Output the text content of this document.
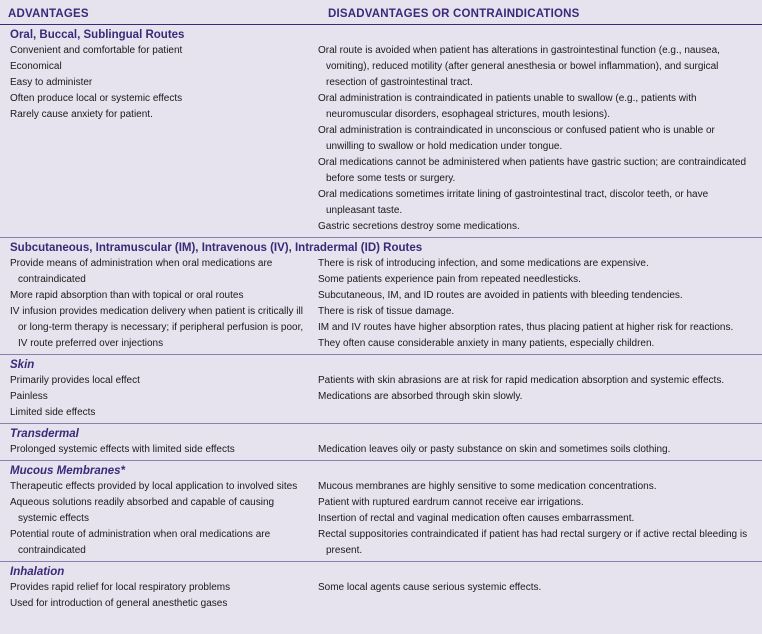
ADVANTAGES	DISADVANTAGES OR CONTRAINDICATIONS
Oral, Buccal, Sublingual Routes
Convenient and comfortable for patient
Economical
Easy to administer
Often produce local or systemic effects
Rarely cause anxiety for patient.
Oral route is avoided when patient has alterations in gastrointestinal function (e.g., nausea, vomiting), reduced motility (after general anesthesia or bowel inflammation), and surgical resection of gastrointestinal tract.
Oral administration is contraindicated in patients unable to swallow (e.g., patients with neuromuscular disorders, esophageal strictures, mouth lesions).
Oral administration is contraindicated in unconscious or confused patient who is unable or unwilling to swallow or hold medication under tongue.
Oral medications cannot be administered when patients have gastric suction; are contraindicated before some tests or surgery.
Oral medications sometimes irritate lining of gastrointestinal tract, discolor teeth, or have unpleasant taste.
Gastric secretions destroy some medications.
Subcutaneous, Intramuscular (IM), Intravenous (IV), Intradermal (ID) Routes
Provide means of administration when oral medications are contraindicated
More rapid absorption than with topical or oral routes
IV infusion provides medication delivery when patient is critically ill or long-term therapy is necessary; if peripheral perfusion is poor, IV route preferred over injections
There is risk of introducing infection, and some medications are expensive.
Some patients experience pain from repeated needlesticks.
Subcutaneous, IM, and ID routes are avoided in patients with bleeding tendencies.
There is risk of tissue damage.
IM and IV routes have higher absorption rates, thus placing patient at higher risk for reactions.
They often cause considerable anxiety in many patients, especially children.
Skin
Primarily provides local effect
Painless
Limited side effects
Patients with skin abrasions are at risk for rapid medication absorption and systemic effects.
Medications are absorbed through skin slowly.
Transdermal
Prolonged systemic effects with limited side effects	Medication leaves oily or pasty substance on skin and sometimes soils clothing.
Mucous Membranes*
Therapeutic effects provided by local application to involved sites
Aqueous solutions readily absorbed and capable of causing systemic effects
Potential route of administration when oral medications are contraindicated
Mucous membranes are highly sensitive to some medication concentrations.
Patient with ruptured eardrum cannot receive ear irrigations.
Insertion of rectal and vaginal medication often causes embarrassment.
Rectal suppositories contraindicated if patient has had rectal surgery or if active rectal bleeding is present.
Inhalation
Provides rapid relief for local respiratory problems
Used for introduction of general anesthetic gases
Some local agents cause serious systemic effects.
